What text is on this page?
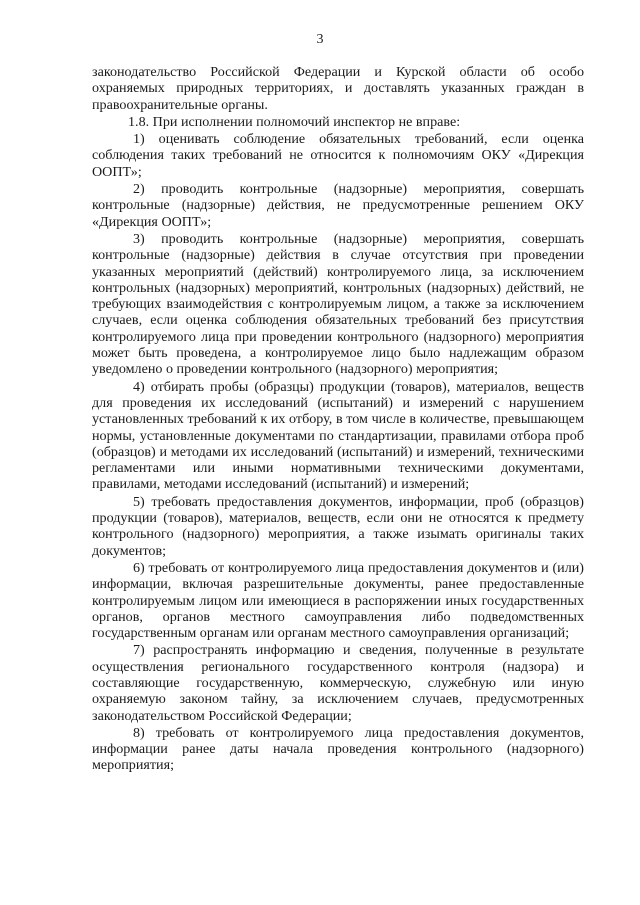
3

законодательство Российской Федерации и Курской области об особо охраняемых природных территориях, и доставлять указанных граждан в правоохранительные органы.

1.8. При исполнении полномочий инспектор не вправе:

1) оценивать соблюдение обязательных требований, если оценка соблюдения таких требований не относится к полномочиям ОКУ «Дирекция ООПТ»;

2) проводить контрольные (надзорные) мероприятия, совершать контрольные (надзорные) действия, не предусмотренные решением ОКУ «Дирекция ООПТ»;

3) проводить контрольные (надзорные) мероприятия, совершать контрольные (надзорные) действия в случае отсутствия при проведении указанных мероприятий (действий) контролируемого лица, за исключением контрольных (надзорных) мероприятий, контрольных (надзорных) действий, не требующих взаимодействия с контролируемым лицом, а также за исключением случаев, если оценка соблюдения обязательных требований без присутствия контролируемого лица при проведении контрольного (надзорного) мероприятия может быть проведена, а контролируемое лицо было надлежащим образом уведомлено о проведении контрольного (надзорного) мероприятия;

4) отбирать пробы (образцы) продукции (товаров), материалов, веществ для проведения их исследований (испытаний) и измерений с нарушением установленных требований к их отбору, в том числе в количестве, превышающем нормы, установленные документами по стандартизации, правилами отбора проб (образцов) и методами их исследований (испытаний) и измерений, техническими регламентами или иными нормативными техническими документами, правилами, методами исследований (испытаний) и измерений;

5) требовать предоставления документов, информации, проб (образцов) продукции (товаров), материалов, веществ, если они не относятся к предмету контрольного (надзорного) мероприятия, а также изымать оригиналы таких документов;

6) требовать от контролируемого лица предоставления документов и (или) информации, включая разрешительные документы, ранее предоставленные контролируемым лицом или имеющиеся в распоряжении иных государственных органов, органов местного самоуправления либо подведомственных государственным органам или органам местного самоуправления организаций;

7) распространять информацию и сведения, полученные в результате осуществления регионального государственного контроля (надзора) и составляющие государственную, коммерческую, служебную или иную охраняемую законом тайну, за исключением случаев, предусмотренных законодательством Российской Федерации;

8) требовать от контролируемого лица предоставления документов, информации ранее даты начала проведения контрольного (надзорного) мероприятия;
